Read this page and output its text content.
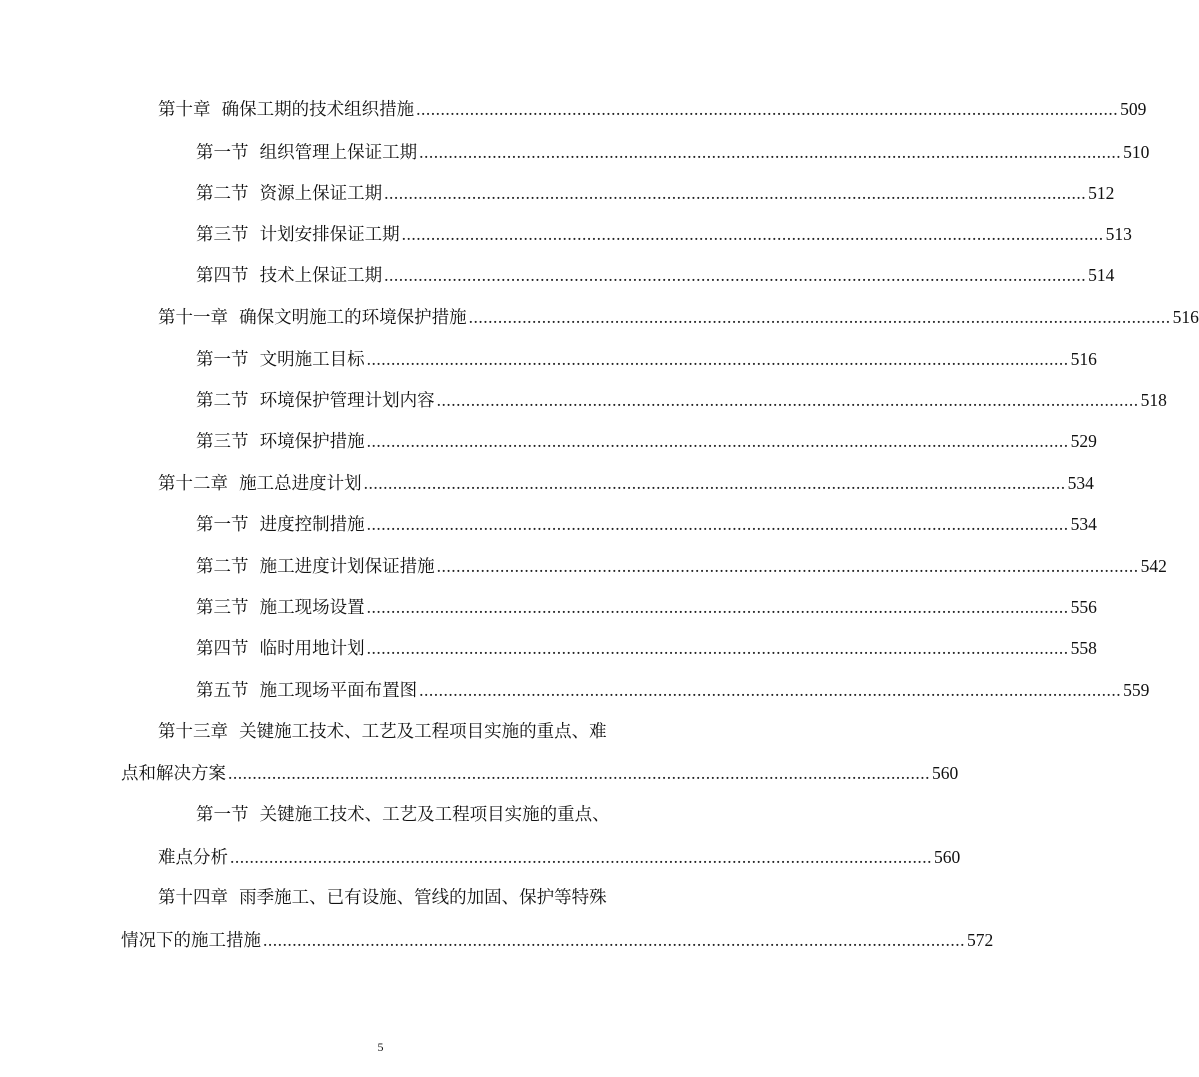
第十章  确保工期的技术组织措施 ................................................................................................................................................ 509
第一节  组织管理上保证工期 ................................................................................................................................................ 510
第二节  资源上保证工期 ................................................................................................................................................ 512
第三节  计划安排保证工期 ................................................................................................................................................ 513
第四节  技术上保证工期 ................................................................................................................................................ 514
第十一章  确保文明施工的环境保护措施 ................................................................................................................................................ 516
第一节  文明施工目标 ................................................................................................................................................ 516
第二节  环境保护管理计划内容 ................................................................................................................................................ 518
第三节  环境保护措施 ................................................................................................................................................ 529
第十二章  施工总进度计划 ................................................................................................................................................ 534
第一节  进度控制措施 ................................................................................................................................................ 534
第二节  施工进度计划保证措施 ................................................................................................................................................ 542
第三节  施工现场设置 ................................................................................................................................................ 556
第四节  临时用地计划 ................................................................................................................................................ 558
第五节  施工现场平面布置图 ................................................................................................................................................ 559
第十三章  关键施工技术、工艺及工程项目实施的重点、难
点和解决方案 ................................................................................................................................................ 560
第一节  关键施工技术、工艺及工程项目实施的重点、
难点分析 ................................................................................................................................................ 560
第十四章  雨季施工、已有设施、管线的加固、保护等特殊
情况下的施工措施 ................................................................................................................................................ 572
5
